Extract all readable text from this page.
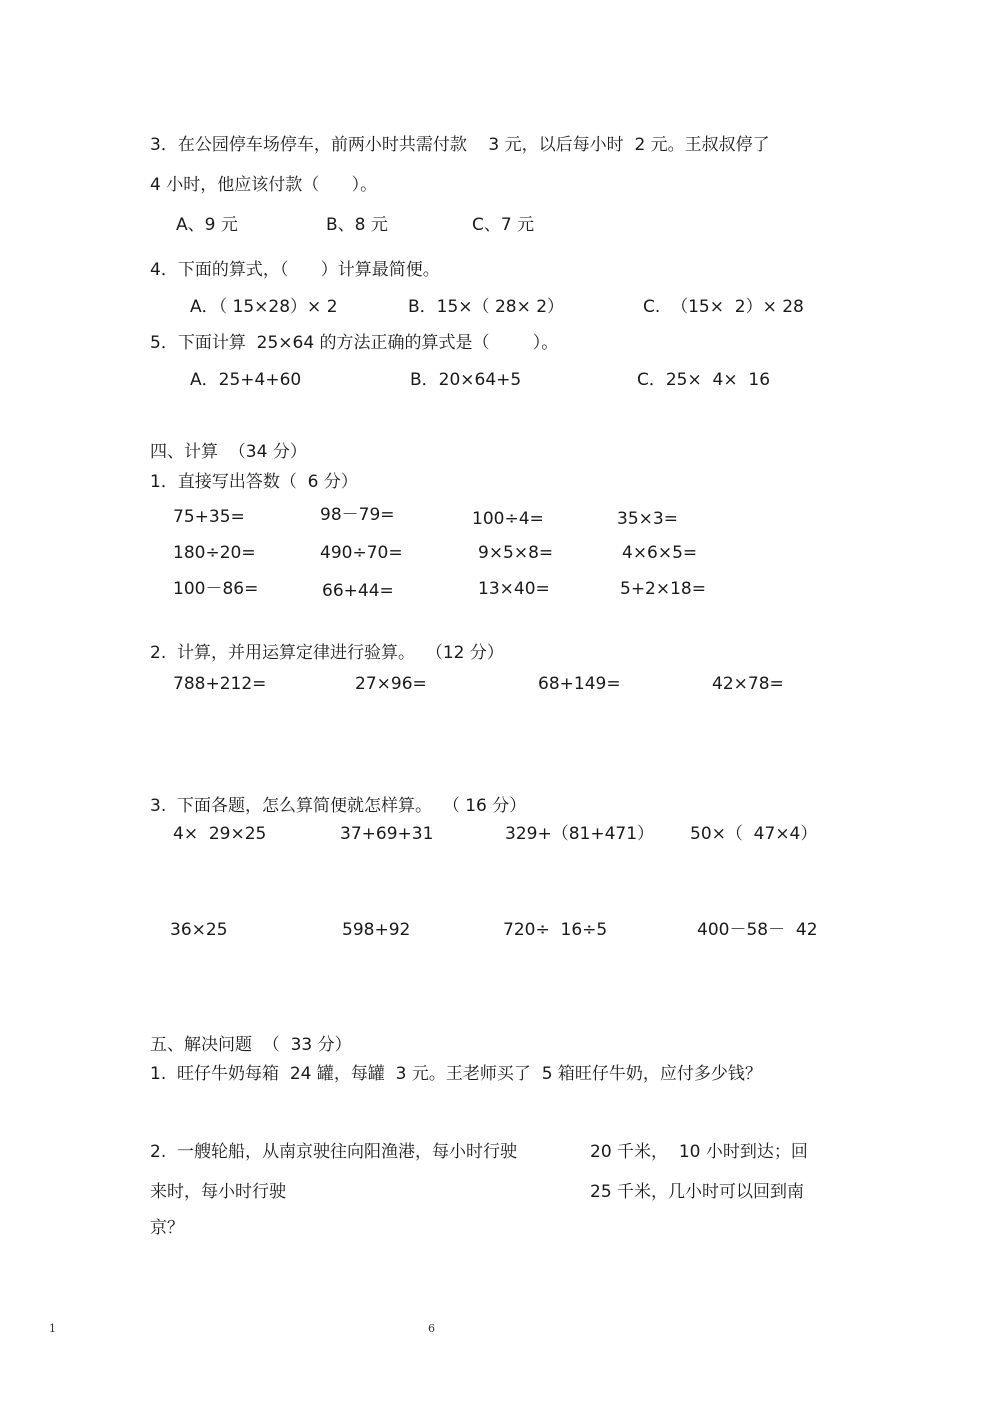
3．在公园停车场停车，前两小时共需付款    3 元，以后每小时  2 元。王叔叔停了
4 小时，他应该付款（      ）。
A、9 元	B、8 元	C、7 元
4．下面的算式，（      ）计算最简便。
A．（ 15×28）× 2	B．15×（ 28× 2）	C.  （15×  2）× 28
5．下面计算  25×64 的方法正确的算式是（        ）。
A．25+4+60	B．20×64+5	C．25×  4×  16
四、计算  （34 分）
1．直接写出答数（  6 分）
75+35=	98－79=	100÷4=	35×3=
180÷20=	490÷70=	9×5×8=	4×6×5=
100－86=	66+44=	13×40=	5+2×18=
2.  计算，并用运算定律进行验算。  （12 分）
788+212=	27×96=	68+149=	42×78=
3.  下面各题，怎么算简便就怎样算。  （ 16 分）
4×  29×25	37+69+31	329+（81+471） 50×（  47×4）
36×25	598+92	720÷  16÷5	400－58－  42
五、解决问题  （  33 分）
1.  旺仔牛奶每箱  24 罐，每罐  3 元。王老师买了  5 箱旺仔牛奶，应付多少钱？
2.  一艘轮船，从南京驶往向阳渔港，每小时行驶	20 千米，  10 小时到达；回
来时，每小时行驶	25 千米，几小时可以回到南
京？
1	6
